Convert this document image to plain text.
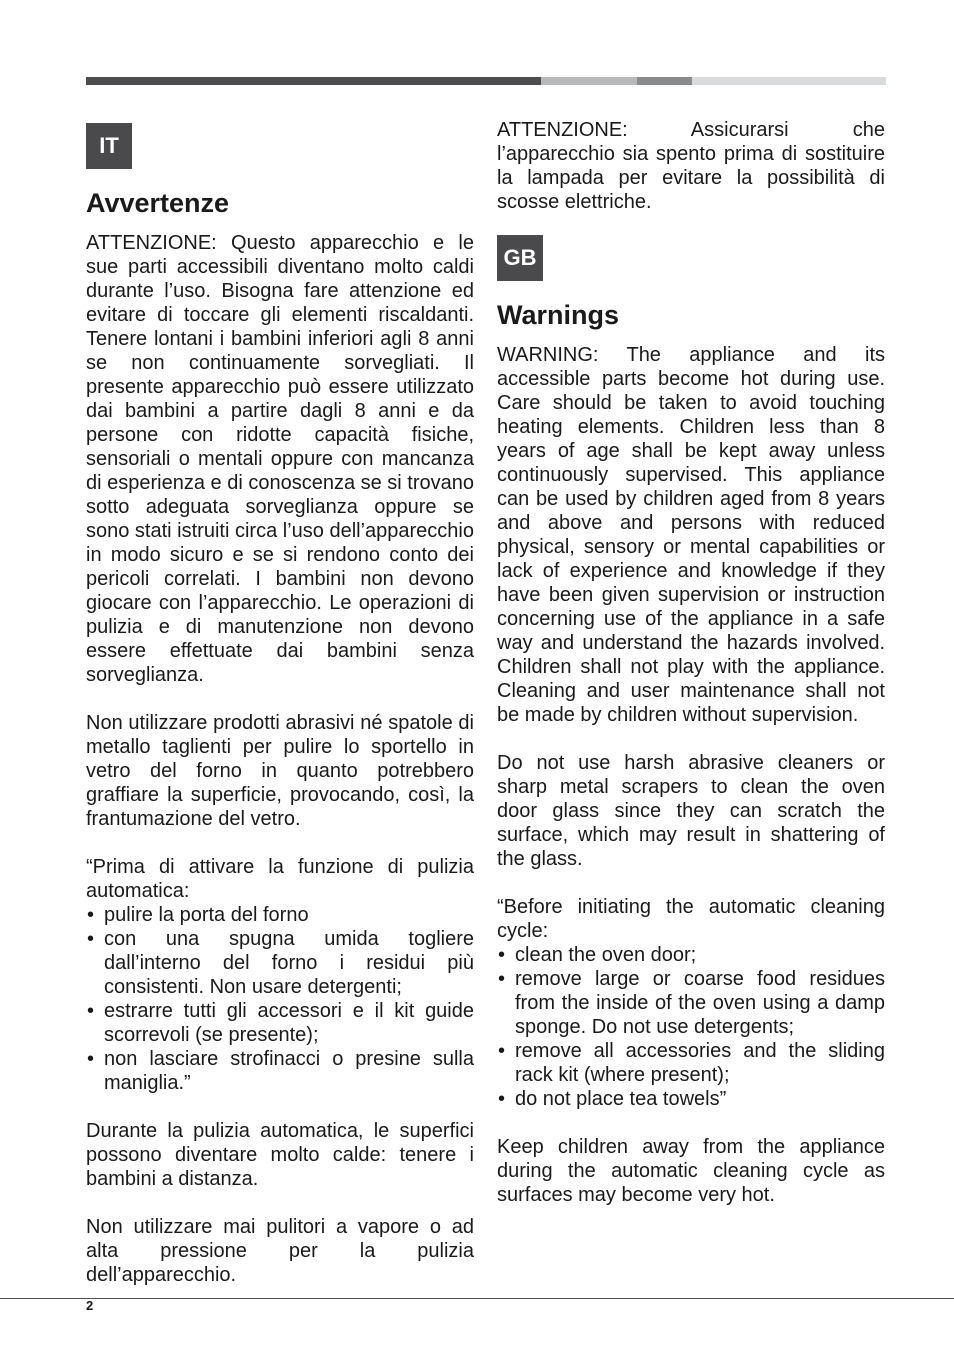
IT
Avvertenze

ATTENZIONE: Questo apparecchio e le sue parti accessibili diventano molto caldi durante l’uso. Bisogna fare attenzione ed evitare di toccare gli elementi riscaldanti. Tenere lontani i bambini inferiori agli 8 anni se non continuamente sorvegliati. Il presente apparecchio può essere utilizzato dai bambini a partire dagli 8 anni e da persone con ridotte capacità fisiche, sensoriali o mentali oppure con mancanza di esperienza e di conoscenza se si trovano sotto adeguata sorveglianza oppure se sono stati istruiti circa l’uso dell’apparecchio in modo sicuro e se si rendono conto dei pericoli correlati. I bambini non devono giocare con l’apparecchio. Le operazioni di pulizia e di manutenzione non devono essere effettuate dai bambini senza sorveglianza.

Non utilizzare prodotti abrasivi né spatole di metallo taglienti per pulire lo sportello in vetro del forno in quanto potrebbero graffiare la superficie, provocando, così, la frantumazione del vetro.

“Prima di attivare la funzione di pulizia automatica:

• pulire la porta del forno
• con una spugna umida togliere dall’interno del forno i residui più consistenti. Non usare detergenti;
• estrarre tutti gli accessori e il kit guide scorrevoli (se presente);
• non lasciare strofinacci o presine sulla maniglia.”

Durante la pulizia automatica, le superfici possono diventare molto calde: tenere i bambini a distanza.

Non utilizzare mai pulitori a vapore o ad alta pressione per la pulizia dell’apparecchio.

ATTENZIONE: Assicurarsi che l’apparecchio sia spento prima di sostituire la lampada per evitare la possibilità di scosse elettriche.

GB
Warnings

WARNING: The appliance and its accessible parts become hot during use. Care should be taken to avoid touching heating elements. Children less than 8 years of age shall be kept away unless continuously supervised. This appliance can be used by children aged from 8 years and above and persons with reduced physical, sensory or mental capabilities or lack of experience and knowledge if they have been given supervision or instruction concerning use of the appliance in a safe way and understand the hazards involved. Children shall not play with the appliance. Cleaning and user maintenance shall not be made by children without supervision.

Do not use harsh abrasive cleaners or sharp metal scrapers to clean the oven door glass since they can scratch the surface, which may result in shattering of the glass.

“Before initiating the automatic cleaning cycle:

• clean the oven door;
• remove large or coarse food residues from the inside of the oven using a damp sponge. Do not use detergents;
• remove all accessories and the sliding rack kit (where present);
• do not place tea towels”

Keep children away from the appliance during the automatic cleaning cycle as surfaces may become very hot.

2
